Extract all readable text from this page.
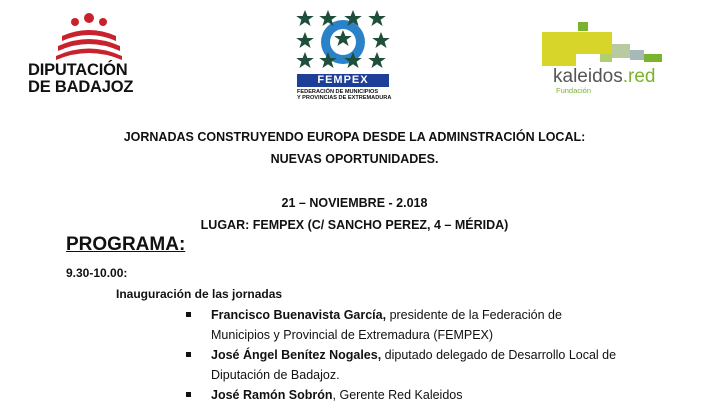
DIPUTACIÓN
DE BADAJOZ	FEMPEX
FEDERACIÓN DE MUNICIPIOS
Y PROVINCIAS DE EXTREMADURA
kaleidos.red
Fundación
JORNADAS CONSTRUYENDO EUROPA DESDE LA ADMINSTRACIÓN LOCAL:
NUEVAS OPORTUNIDADES.
21 – NOVIEMBRE - 2.018
LUGAR: FEMPEX (C/ SANCHO PEREZ, 4 – MÉRIDA)
PROGRAMA:
9.30-10.00:
Inauguración de las jornadas
Francisco Buenavista García, presidente de la Federación de
Municipios y Provincial de Extremadura (FEMPEX)
José Ángel Benítez Nogales, diputado delegado de Desarrollo Local de
Diputación de Badajoz.
José Ramón Sobrón, Gerente Red Kaleidos
